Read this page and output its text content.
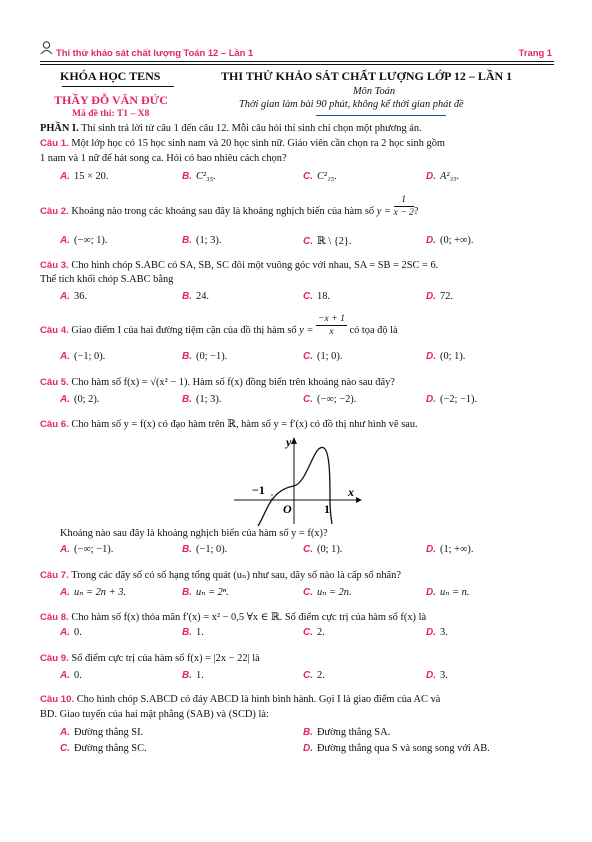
Thi thử khảo sát chất lượng Toán 12 – Lần 1	Trang 1
KHÓA HỌC TENS
THẦY ĐỖ VĂN ĐỨC
Mã đề thi: T1 – X8
THI THỬ KHẢO SÁT CHẤT LƯỢNG LỚP 12 – LẦN 1
Môn Toán
Thời gian làm bài 90 phút, không kể thời gian phát đề
PHẦN I. Thí sinh trả lời từ câu 1 đến câu 12. Mỗi câu hỏi thí sinh chỉ chọn một phương án.
Câu 1. Một lớp học có 15 học sinh nam và 20 học sinh nữ. Giáo viên cần chọn ra 2 học sinh gồm
1 nam và 1 nữ để hát song ca. Hỏi có bao nhiêu cách chọn?
A. 15 × 20.	B. C²₃₅.	C. C²₁₅.	D. A²₃₅.
Câu 2. Khoảng nào trong các khoảng sau đây là khoảng nghịch biến của hàm số $y = \frac{1}{x - 2}$ ?
A. (−∞; 1).	B. (1; 3).	C. ℝ \ {2}.	D. (0; +∞).
Câu 3. Cho hình chóp S.ABC có SA, SB, SC đôi một vuông góc với nhau, SA = SB = 2SC = 6.
Thể tích khối chóp S.ABC bằng
A. 36.	B. 24.	C. 18.	D. 72.
Câu 4. Giao điểm I của hai đường tiệm cận của đồ thị hàm số $y = \frac{-x + 1}{x}$ có tọa độ là
A. (−1; 0).	B. (0; −1).	C. (1; 0).	D. (0; 1).
Câu 5. Cho hàm số f(x) = √(x² − 1). Hàm số f(x) đồng biến trên khoảng nào sau đây?
A. (0; 2).	B. (1; 3).	C. (−∞; −2).	D. (−2; −1).
Câu 6. Cho hàm số y = f(x) có đạo hàm trên ℝ, hàm số y = f′(x) có đồ thị như hình vẽ sau.
y
x
O
−1
1
Khoảng nào sau đây là khoảng nghịch biến của hàm số y = f(x)?
A. (−∞; −1).	B. (−1; 0).	C. (0; 1).	D. (1; +∞).
Câu 7. Trong các dãy số có số hạng tổng quát (uₙ) như sau, dãy số nào là cấp số nhân?
A. uₙ = 2n + 3.	B. uₙ = 2ⁿ.	C. uₙ = 2n.	D. uₙ = n.
Câu 8. Cho hàm số f(x) thỏa mãn f′(x) = x² − 0,5 ∀x ∈ ℝ. Số điểm cực trị của hàm số f(x) là
A. 0.	B. 1.	C. 2.	D. 3.
Câu 9. Số điểm cực trị của hàm số f(x) = |2x − 22| là
A. 0.	B. 1.	C. 2.	D. 3.
Câu 10. Cho hình chóp S.ABCD có đáy ABCD là hình bình hành. Gọi I là giao điểm của AC và
BD. Giao tuyến của hai mặt phẳng (SAB) và (SCD) là:
A. Đường thẳng SI.	B. Đường thẳng SA.
C. Đường thẳng SC.	D. Đường thẳng qua S và song song với AB.
